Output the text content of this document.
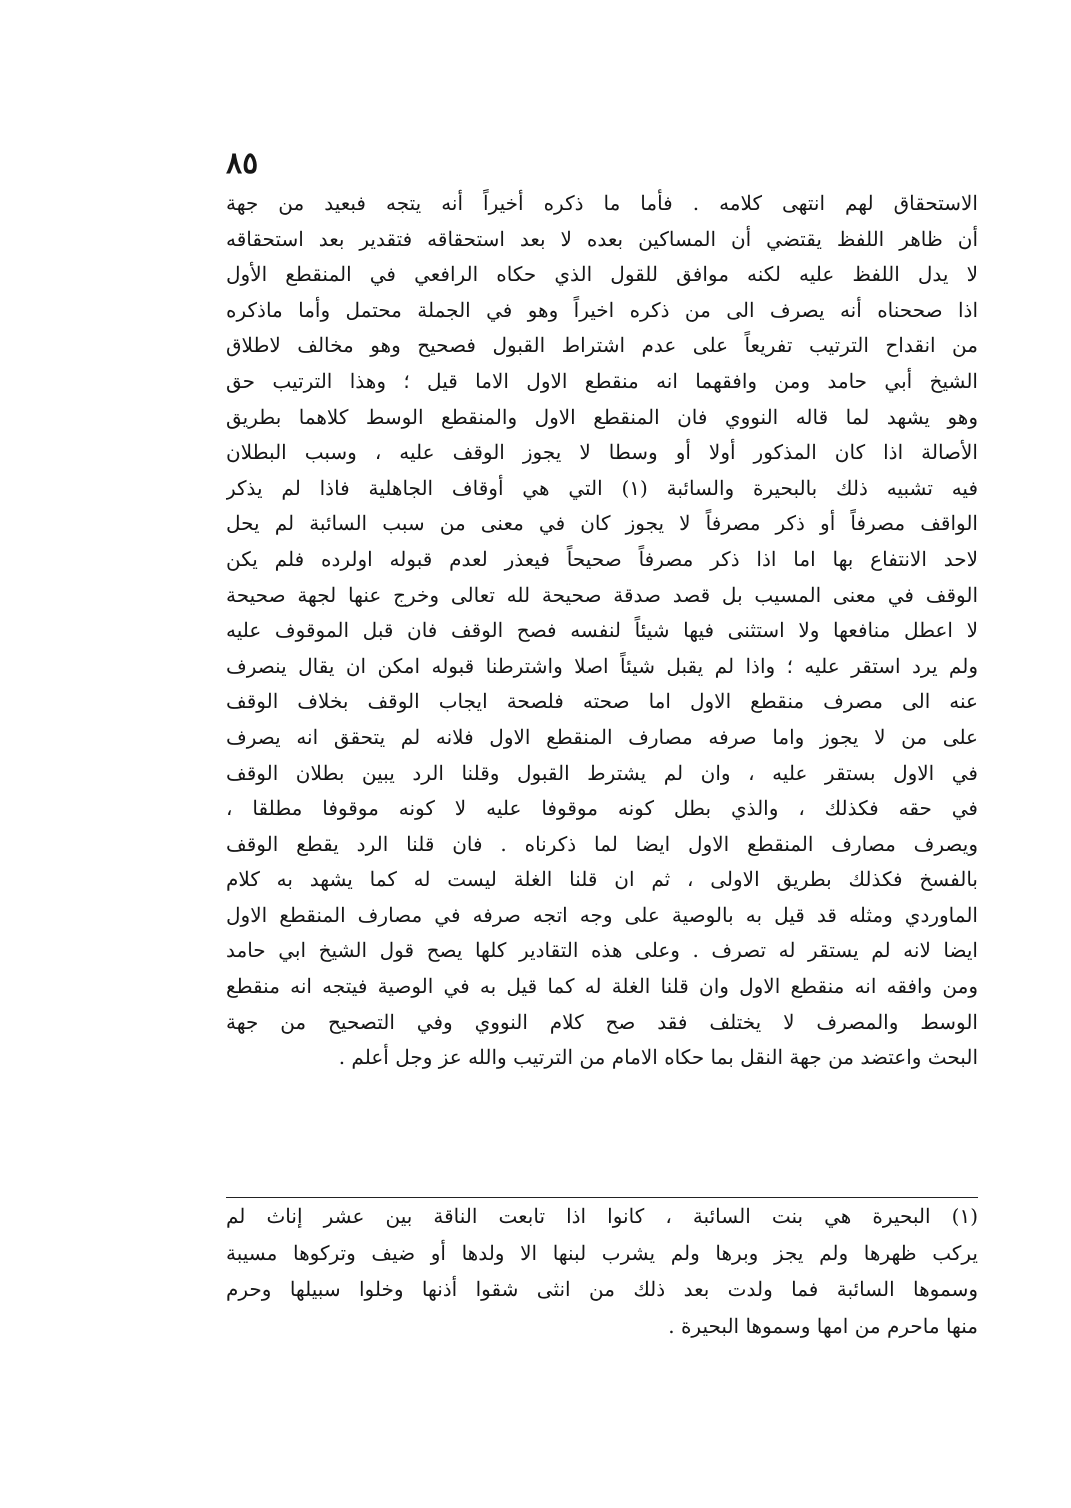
٨٥
الاستحقاق لهم انتهى كلامه . فأما ما ذكره أخيراً أنه يتجه فبعيد من جهة
أن ظاهر اللفظ يقتضي أن المساكين بعده لا بعد استحقاقه فتقدير بعد استحقاقه
لا يدل اللفظ عليه لكنه موافق للقول الذي حكاه الرافعي في المنقطع الأول
اذا صححناه أنه يصرف الى من ذكره اخيراً وهو في الجملة محتمل وأما ماذكره
من انقداح الترتيب تفريعاً على عدم اشتراط القبول فصحيح وهو مخالف لاطلاق
الشيخ أبي حامد ومن وافقهما انه منقطع الاول الاما قيل ؛ وهذا الترتيب حق
وهو يشهد لما قاله النووي فان المنقطع الاول والمنقطع الوسط كلاهما بطريق
الأصالة اذا كان المذكور أولا أو وسطا لا يجوز الوقف عليه ، وسبب البطلان
فيه تشبيه ذلك بالبحيرة والسائبة (١) التي هي أوقاف الجاهلية فاذا لم يذكر
الواقف مصرفاً أو ذكر مصرفاً لا يجوز كان في معنى من سبب السائبة لم يحل
لاحد الانتفاع بها اما اذا ذكر مصرفاً صحيحاً فيعذر لعدم قبوله اولرده فلم يكن
الوقف في معنى المسيب بل قصد صدقة صحيحة لله تعالى وخرج عنها لجهة صحيحة
لا اعطل منافعها ولا استثنى فيها شيئاً لنفسه فصح الوقف فان قبل الموقوف عليه
ولم يرد استقر عليه ؛ واذا لم يقبل شيئاً اصلا واشترطنا قبوله امكن ان يقال ينصرف
عنه الى مصرف منقطع الاول اما صحته فلصحة ايجاب الوقف بخلاف الوقف
على من لا يجوز واما صرفه مصارف المنقطع الاول فلانه لم يتحقق انه يصرف
في الاول بستقر عليه ، وان لم يشترط القبول وقلنا الرد يبين بطلان الوقف
في حقه فكذلك ، والذي بطل كونه موقوفا عليه لا كونه موقوفا مطلقا ،
ويصرف مصارف المنقطع الاول ايضا لما ذكرناه . فان قلنا الرد يقطع الوقف
بالفسخ فكذلك بطريق الاولى ، ثم ان قلنا الغلة ليست له كما يشهد به كلام
الماوردي ومثله قد قيل به بالوصية على وجه اتجه صرفه في مصارف المنقطع الاول
ايضا لانه لم يستقر له تصرف . وعلى هذه التقادير كلها يصح قول الشيخ ابي حامد
ومن وافقه انه منقطع الاول وان قلنا الغلة له كما قيل به في الوصية فيتجه انه منقطع
الوسط والمصرف لا يختلف فقد صح كلام النووي وفي التصحيح من جهة
البحث واعتضد من جهة النقل بما حكاه الامام من الترتيب والله عز وجل أعلم .
(١) البحيرة هي بنت السائبة ، كانوا اذا تابعت الناقة بين عشر إناث لم
يركب ظهرها ولم يجز وبرها ولم يشرب لبنها الا ولدها أو ضيف وتركوها مسيبة
وسموها السائبة فما ولدت بعد ذلك من انثى شقوا أذنها وخلوا سبيلها وحرم
منها ماحرم من امها وسموها البحيرة .
